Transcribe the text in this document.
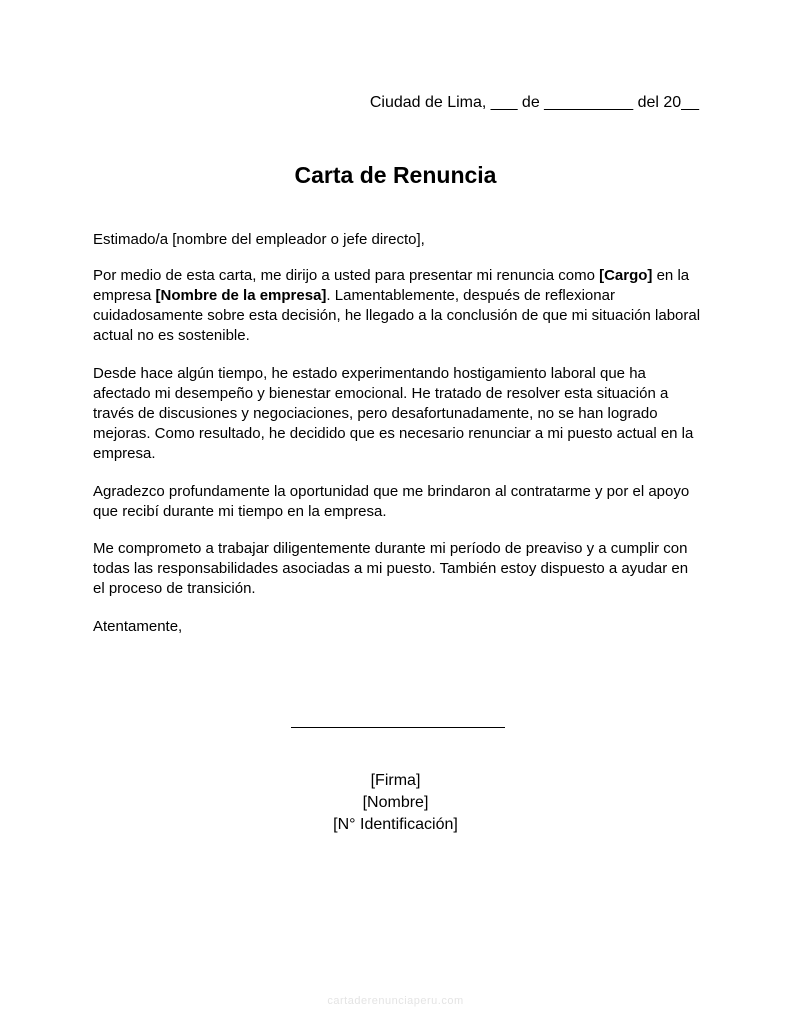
Ciudad de Lima, ___ de __________ del 20__
Carta de Renuncia

Estimado/a [nombre del empleador o jefe directo],

Por medio de esta carta, me dirijo a usted para presentar mi renuncia como [Cargo] en la empresa [Nombre de la empresa]. Lamentablemente, después de reflexionar cuidadosamente sobre esta decisión, he llegado a la conclusión de que mi situación laboral actual no es sostenible.

Desde hace algún tiempo, he estado experimentando hostigamiento laboral que ha afectado mi desempeño y bienestar emocional. He tratado de resolver esta situación a través de discusiones y negociaciones, pero desafortunadamente, no se han logrado mejoras. Como resultado, he decidido que es necesario renunciar a mi puesto actual en la empresa.

Agradezco profundamente la oportunidad que me brindaron al contratarme y por el apoyo que recibí durante mi tiempo en la empresa.

Me comprometo a trabajar diligentemente durante mi período de preaviso y a cumplir con todas las responsabilidades asociadas a mi puesto. También estoy dispuesto a ayudar en el proceso de transición.

Atentamente,

[Firma]
[Nombre]
[N° Identificación]
cartaderenunciaperu.com
